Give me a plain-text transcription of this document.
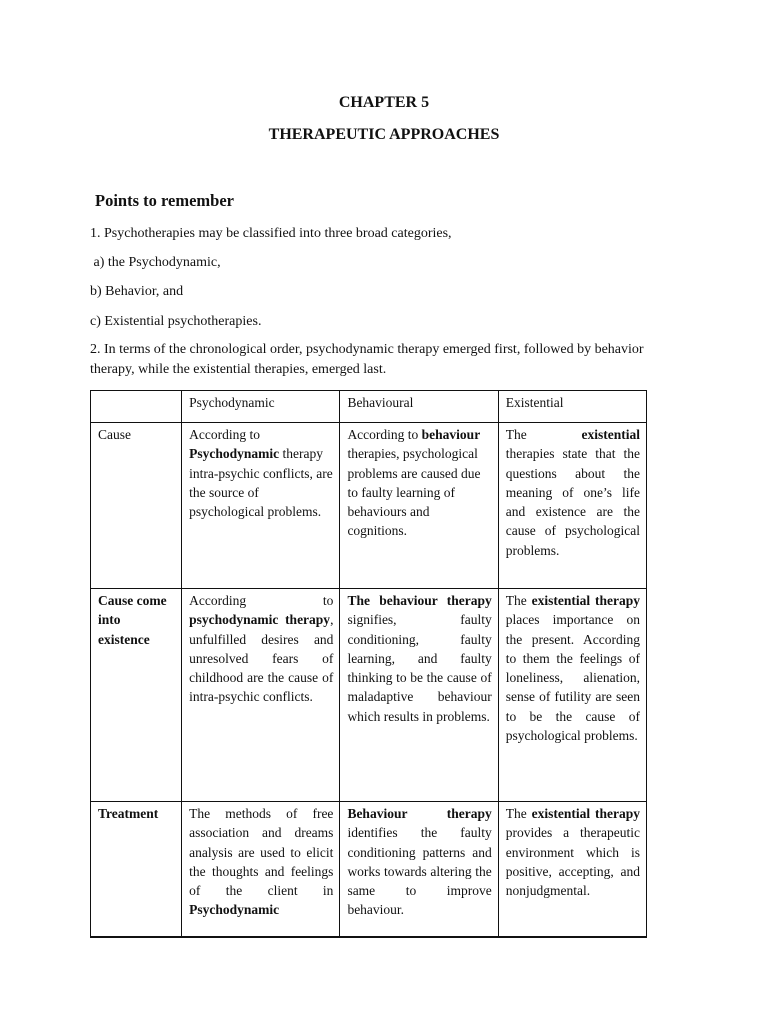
CHAPTER 5
THERAPEUTIC APPROACHES
Points to remember
1. Psychotherapies may be classified into three broad categories,
a) the Psychodynamic,
b) Behavior, and
c) Existential psychotherapies.
2. In terms of the chronological order, psychodynamic therapy emerged first, followed by behavior therapy, while the existential therapies, emerged last.
	Psychodynamic	Behavioural	Existential
Cause	According to Psychodynamic therapy intra-psychic conflicts, are the source of psychological problems.	According to behaviour therapies, psychological problems are caused due to faulty learning of behaviours and cognitions.	The existential therapies state that the questions about the meaning of one’s life and existence are the cause of psychological problems.
Cause come into existence	According to psychodynamic therapy, unfulfilled desires and unresolved fears of childhood are the cause of intra-psychic conflicts.	The behaviour therapy signifies, faulty conditioning, faulty learning, and faulty thinking to be the cause of maladaptive behaviour which results in problems.	The existential therapy places importance on the present. According to them the feelings of loneliness, alienation, sense of futility are seen to be the cause of psychological problems.
Treatment	The methods of free association and dreams analysis are used to elicit the thoughts and feelings of the client in Psychodynamic	Behaviour therapy identifies the faulty conditioning patterns and works towards altering the same to improve behaviour.	The existential therapy provides a therapeutic environment which is positive, accepting, and nonjudgmental.
